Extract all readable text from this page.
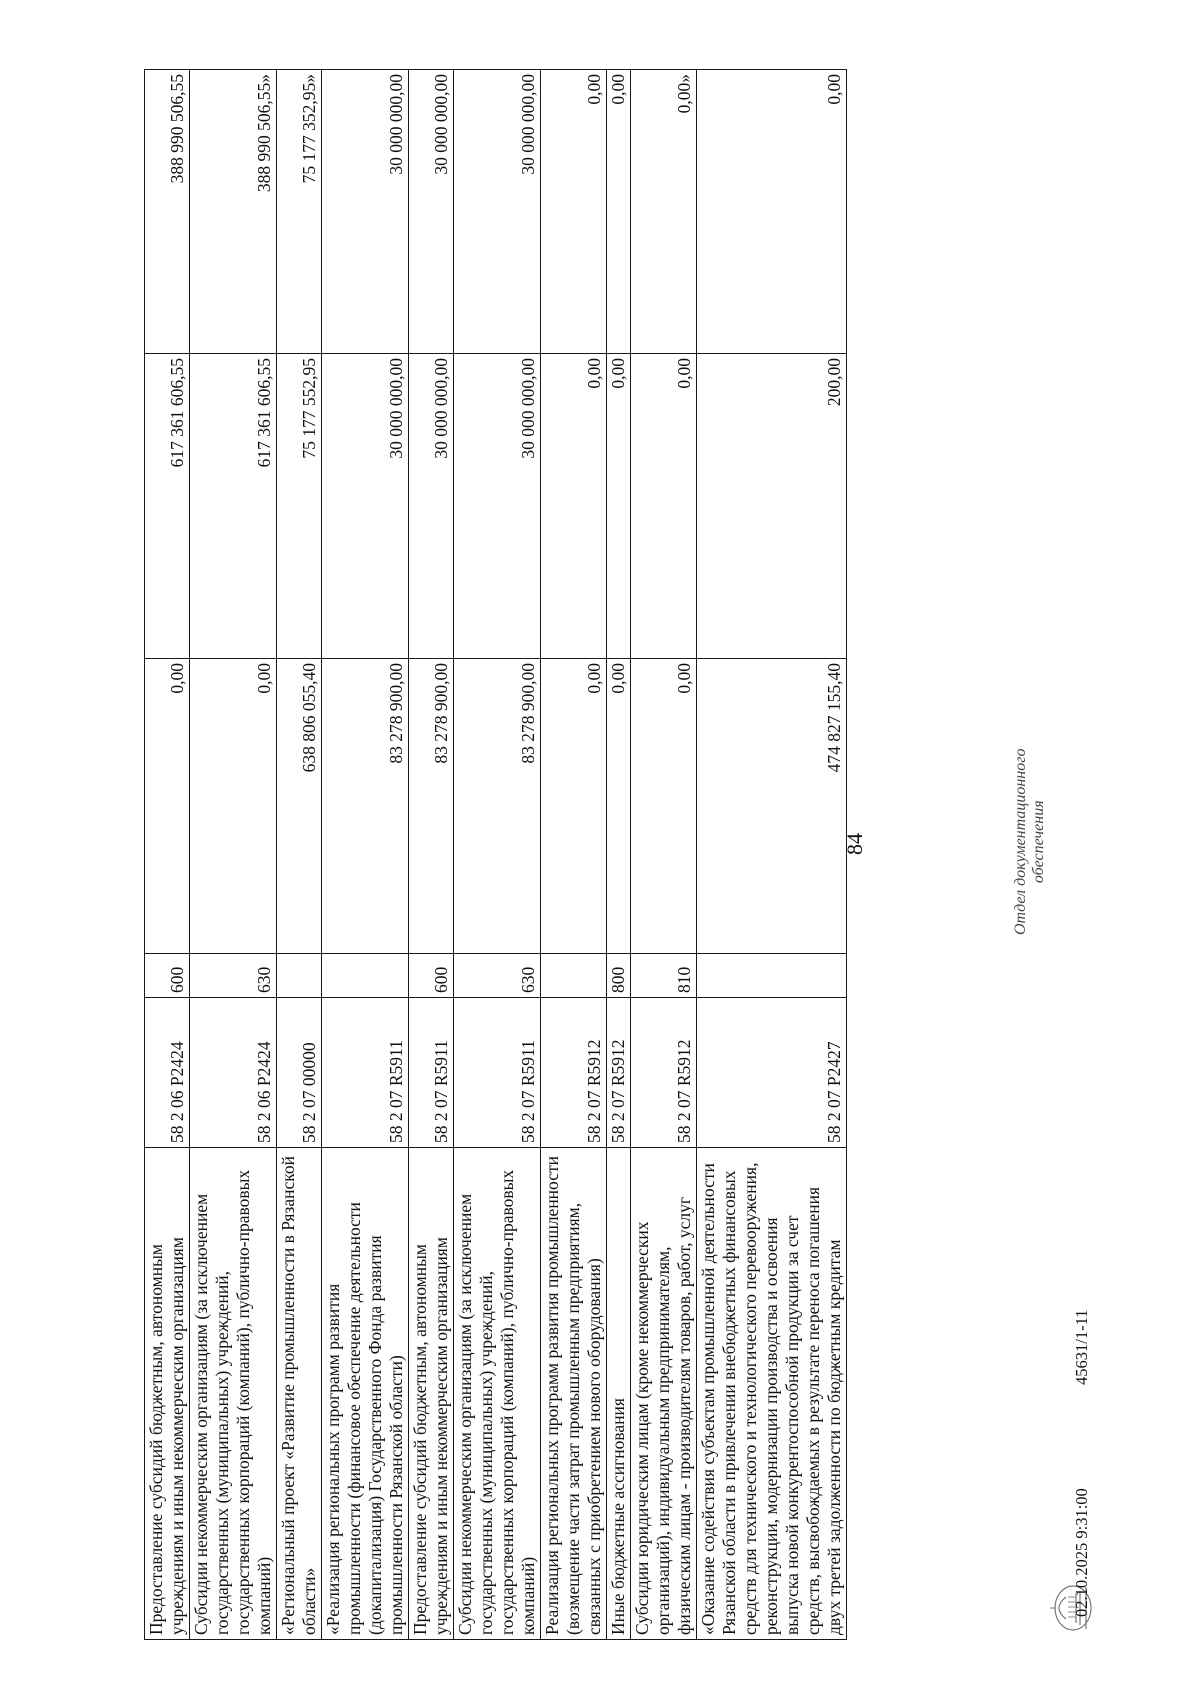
84
Предоставление субсидий бюджетным, автономным учреждениям и иным некоммерческим организациям	58 2 06 P2424	600	0,00	617 361 606,55	388 990 506,55
Субсидии некоммерческим организациям (за исключением государственных (муниципальных) учреждений, государственных корпораций (компаний), публично-правовых компаний)	58 2 06 P2424	630	0,00	617 361 606,55	388 990 506,55»
«Региональный проект «Развитие промышленности в Рязанской области»	58 2 07 00000		638 806 055,40	75 177 552,95	75 177 352,95»
«Реализация региональных программ развития промышленности (финансовое обеспечение деятельности (докапитализация) Государственного Фонда развития промышленности Рязанской области)	58 2 07 R5911		83 278 900,00	30 000 000,00	30 000 000,00
Предоставление субсидий бюджетным, автономным учреждениям и иным некоммерческим организациям	58 2 07 R5911	600	83 278 900,00	30 000 000,00	30 000 000,00
Субсидии некоммерческим организациям (за исключением государственных (муниципальных) учреждений, государственных корпораций (компаний), публично-правовых компаний)	58 2 07 R5911	630	83 278 900,00	30 000 000,00	30 000 000,00
Реализация региональных программ развития промышленности (возмещение части затрат промышленным предприятиям, связанных с приобретением нового оборудования)	58 2 07 R5912		0,00	0,00	0,00
Иные бюджетные ассигнования	58 2 07 R5912	800	0,00	0,00	0,00
Субсидии юридическим лицам (кроме некоммерческих организаций), индивидуальным предпринимателям, физическим лицам - производителям товаров, работ, услуг	58 2 07 R5912	810	0,00	0,00	0,00»
«Оказание содействия субъектам промышленной деятельности Рязанской области в привлечении внебюджетных финансовых средств для технического и технологического перевооружения, реконструкции, модернизации производства и освоения выпуска новой конкурентоспособной продукции за счет средств, высвобождаемых в результате переноса погашения двух третей задолженности по бюджетным кредитам	58 2 07 P2427		474 827 155,40	200,00	0,00
02.10.2025 9:31:00
45631/1-11
Отдел документационного обеспечения
